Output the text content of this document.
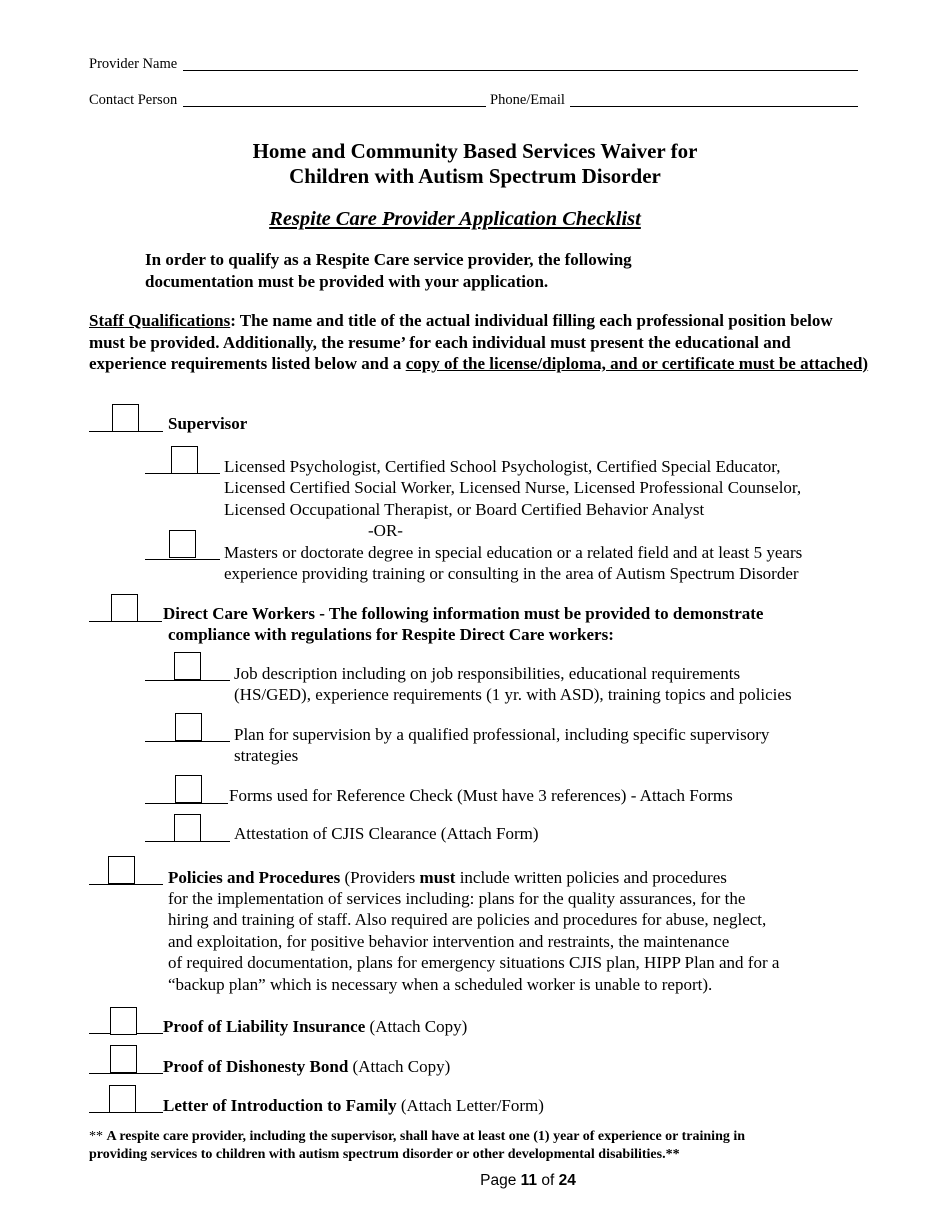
Provider Name
Contact Person	Phone/Email
Home and Community Based Services Waiver for
Children with Autism Spectrum Disorder
Respite Care Provider Application Checklist
In order to qualify as a Respite Care service provider, the following
documentation must be provided with your application.
Staff Qualifications: The name and title of the actual individual filling each professional position below must be provided. Additionally, the resume’ for each individual must present the educational and experience requirements listed below and a copy of the license/diploma, and or certificate must be attached)
Supervisor
Licensed Psychologist, Certified School Psychologist, Certified Special Educator,
Licensed Certified Social Worker, Licensed Nurse, Licensed Professional Counselor,
Licensed Occupational Therapist, or Board Certified Behavior Analyst
-OR-
Masters or doctorate degree in special education or a related field and at least 5 years
experience providing training or consulting in the area of Autism Spectrum Disorder
Direct Care Workers - The following information must be provided to demonstrate
compliance with regulations for Respite Direct Care workers:
Job description including on job responsibilities, educational requirements
(HS/GED), experience requirements (1 yr. with ASD), training topics and policies
Plan for supervision by a qualified professional, including specific supervisory
strategies
Forms used for Reference Check (Must have 3 references) - Attach Forms
Attestation of CJIS Clearance (Attach Form)
Policies and Procedures (Providers must include written policies and procedures
for the implementation of services including: plans for the quality assurances, for the
hiring and training of staff. Also required are policies and procedures for abuse, neglect,
and exploitation, for positive behavior intervention and restraints, the maintenance
of required documentation, plans for emergency situations CJIS plan, HIPP Plan and for a
“backup plan” which is necessary when a scheduled worker is unable to report).
Proof of Liability Insurance (Attach Copy)
Proof of Dishonesty Bond (Attach Copy)
Letter of Introduction to Family (Attach Letter/Form)
** A respite care provider, including the supervisor, shall have at least one (1) year of experience or training in
providing services to children with autism spectrum disorder or other developmental disabilities.**
Page 11 of 24
